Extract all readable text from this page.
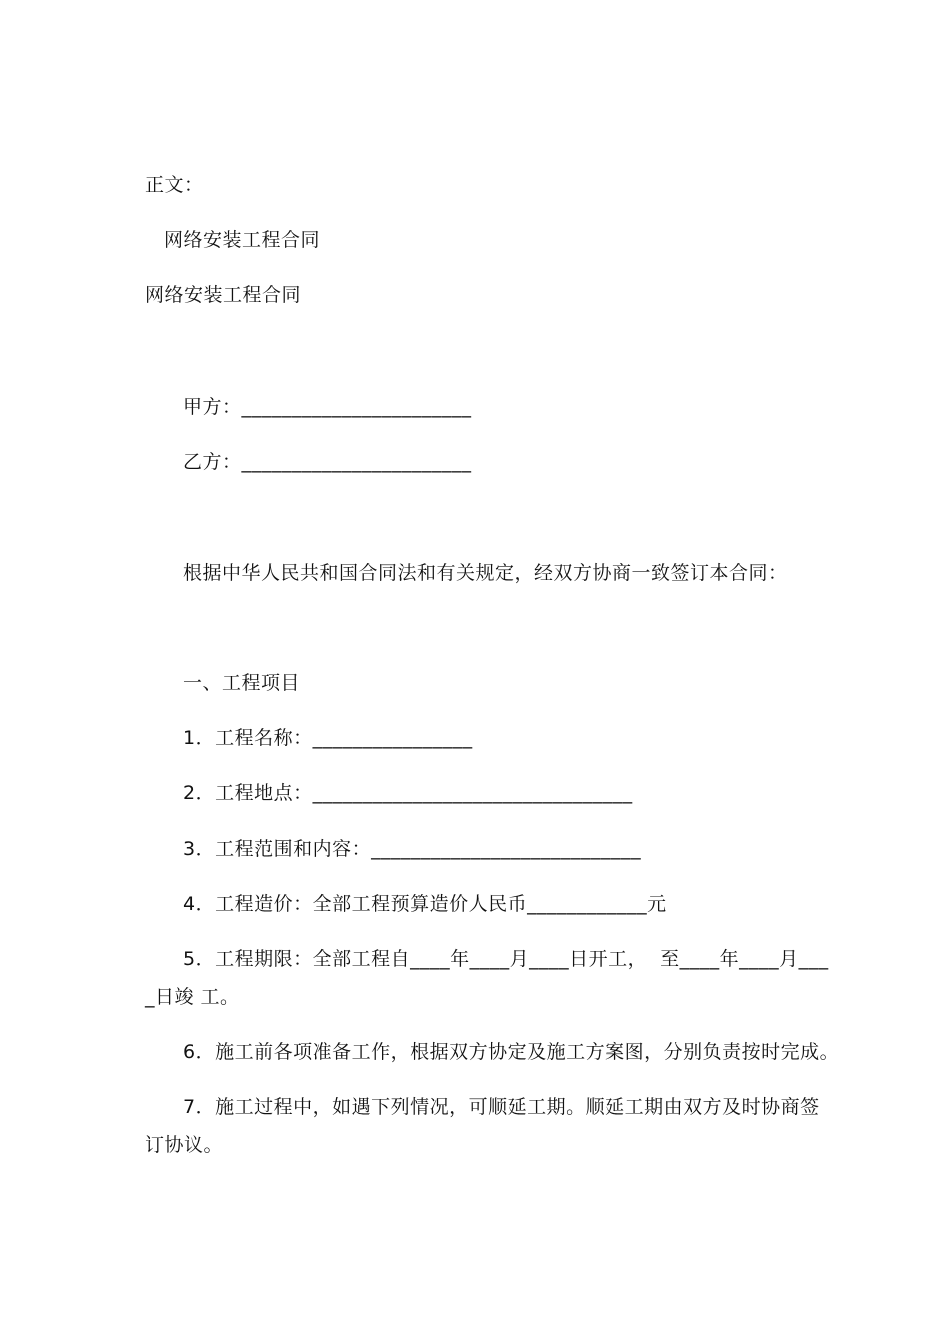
正文：
网络安装工程合同
网络安装工程合同
甲方：_______________________
乙方：_______________________
根据中华人民共和国合同法和有关规定，经双方协商一致签订本合同：
一、工程项目
1．工程名称：________________
2．工程地点：________________________________
3．工程范围和内容：___________________________
4．工程造价：全部工程预算造价人民币____________元
5．工程期限：全部工程自____年____月____日开工，  至____年____月___
_日竣 工。
6．施工前各项准备工作，根据双方协定及施工方案图，分别负责按时完成。
7．施工过程中，如遇下列情况，可顺延工期。顺延工期由双方及时协商签
订协议。
